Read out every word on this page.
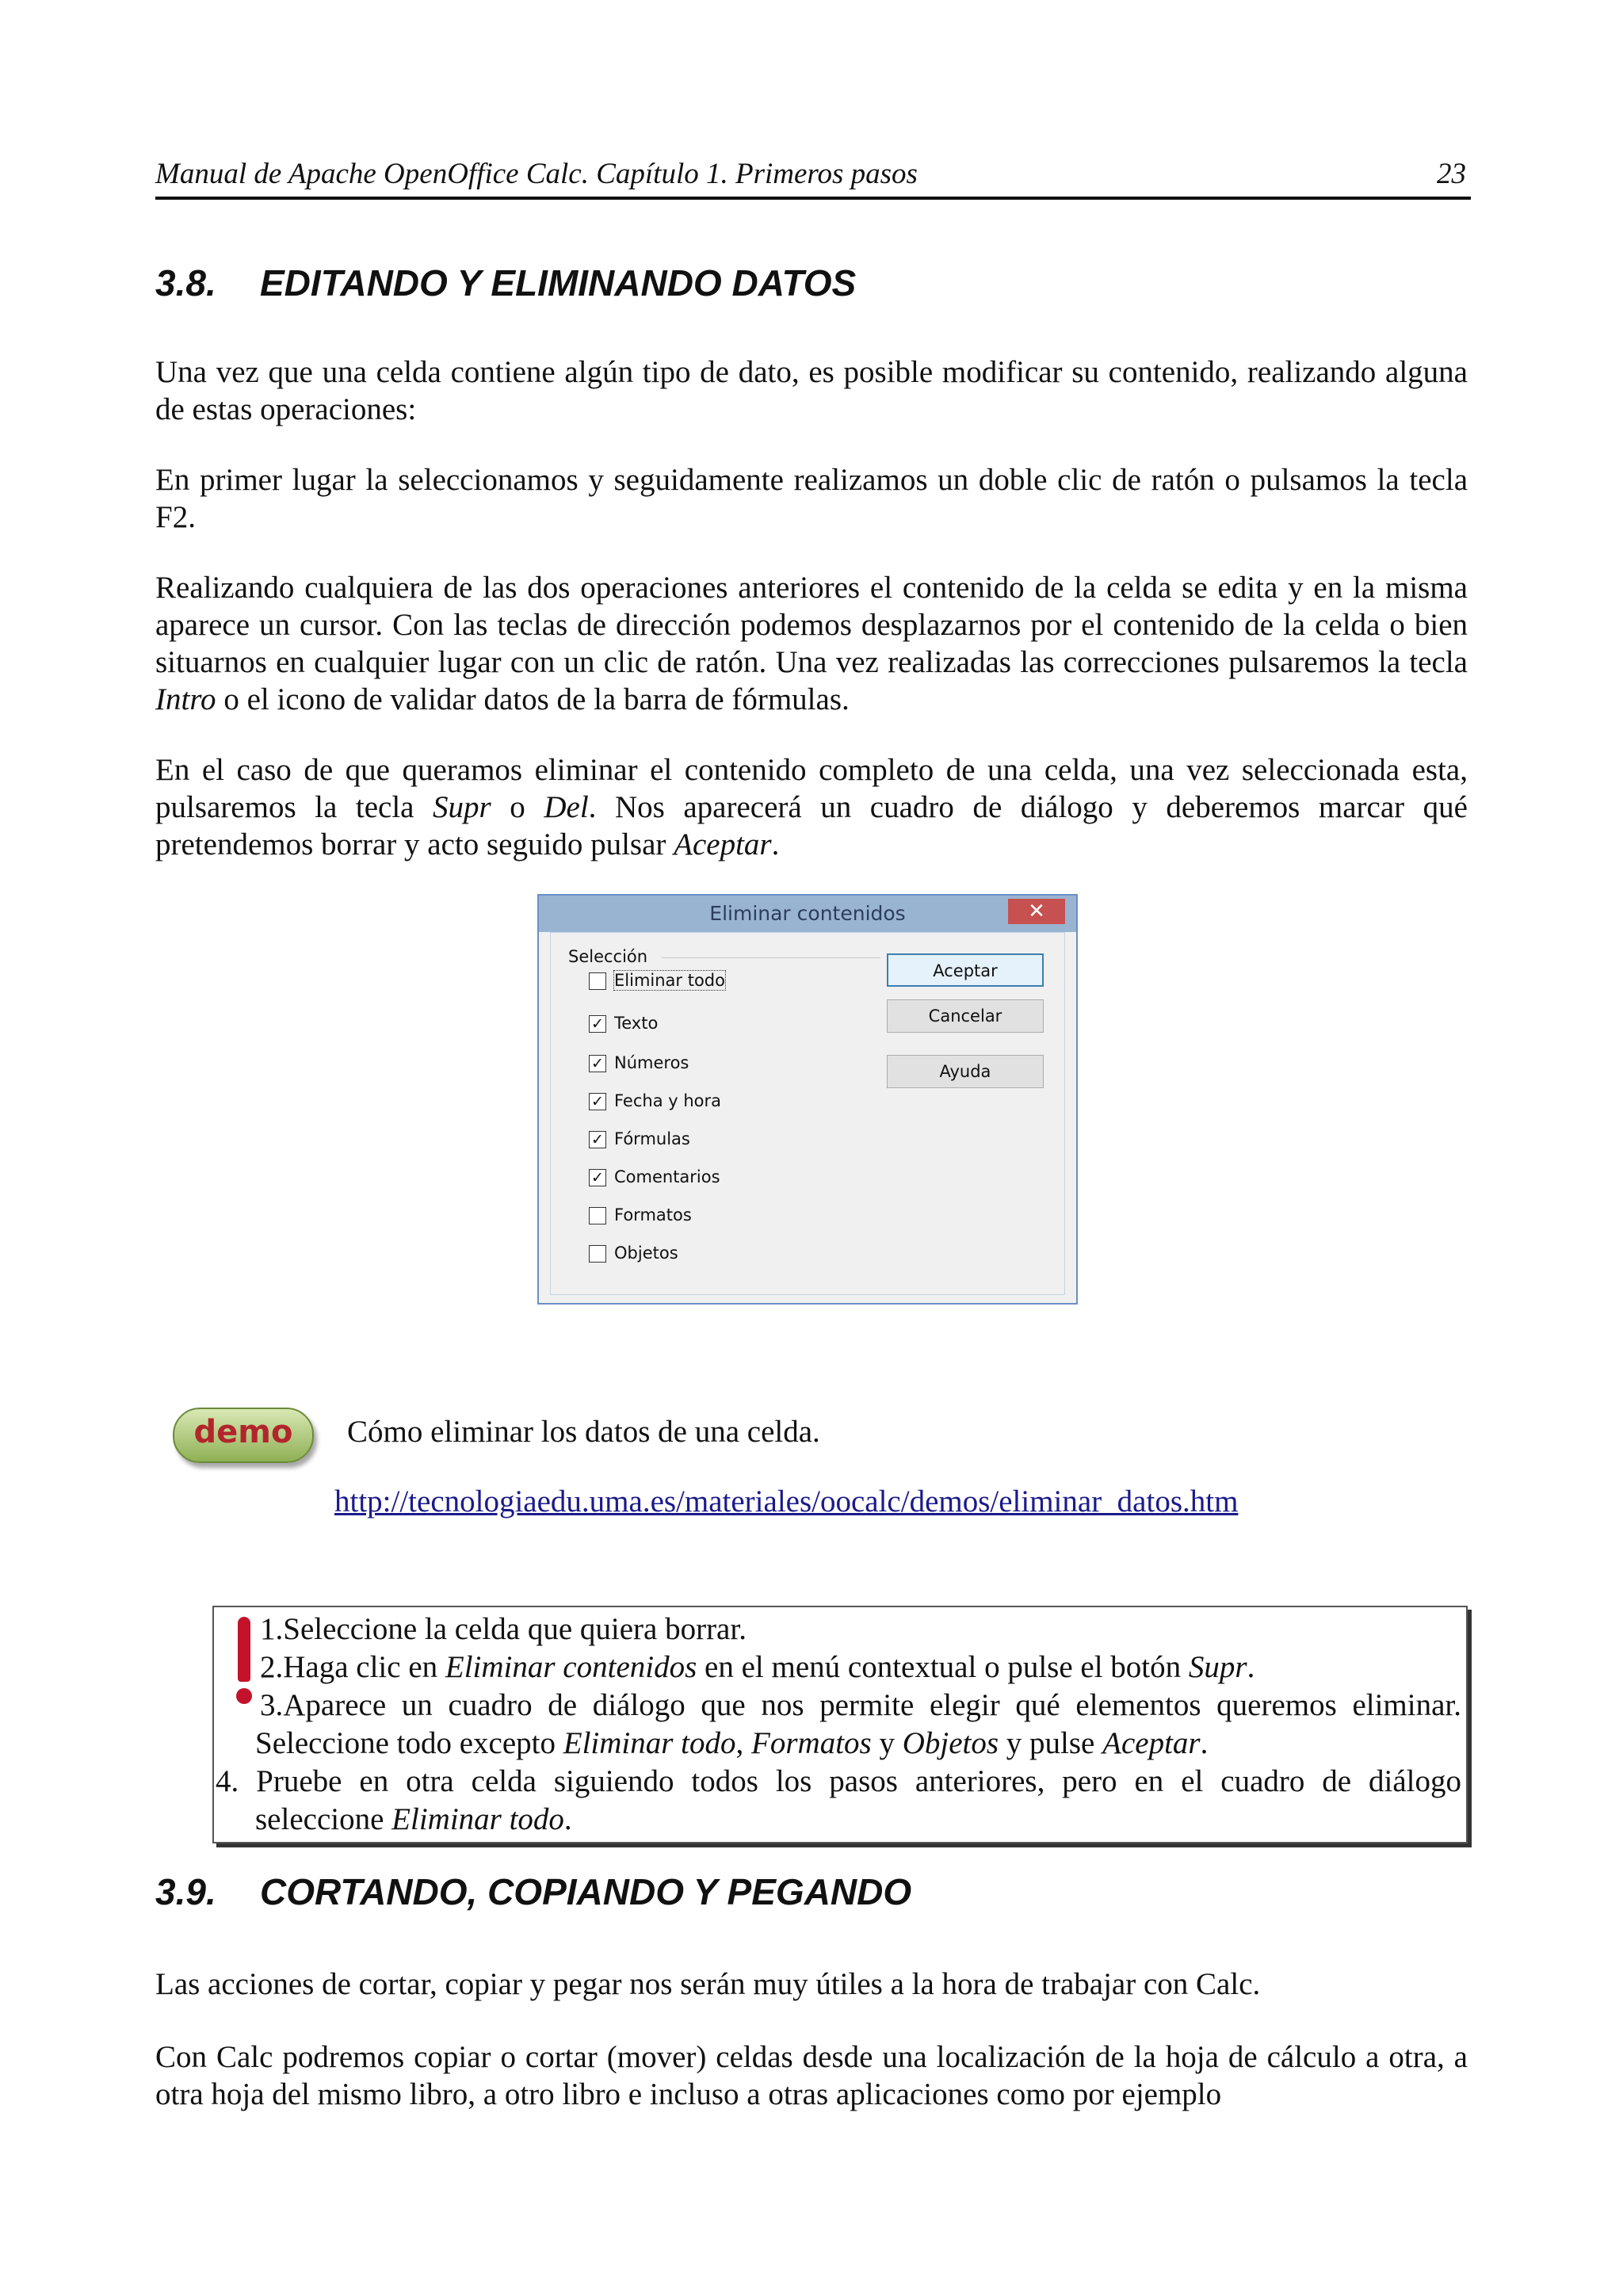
Manual de Apache OpenOffice Calc. Capítulo 1. Primeros pasos	23
3.8. EDITANDO Y ELIMINANDO DATOS

Una vez que una celda contiene algún tipo de dato, es posible modificar su contenido, realizando alguna de estas operaciones:

En primer lugar la seleccionamos y seguidamente realizamos un doble clic de ratón o pulsamos la tecla F2.

Realizando cualquiera de las dos operaciones anteriores el contenido de la celda se edita y en la misma aparece un cursor. Con las teclas de dirección podemos desplazarnos por el contenido de la celda o bien situarnos en cualquier lugar con un clic de ratón. Una vez realizadas las correcciones pulsaremos la tecla Intro o el icono de validar datos de la barra de fórmulas.

En el caso de que queramos eliminar el contenido completo de una celda, una vez seleccionada esta, pulsaremos la tecla Supr o Del. Nos aparecerá un cuadro de diálogo y deberemos marcar qué pretendemos borrar y acto seguido pulsar Aceptar.

Eliminar contenidos	✕
Selección
Eliminar todo
✓ Texto
✓ Números
✓ Fecha y hora
✓ Fórmulas
✓ Comentarios
Formatos
Objetos
Aceptar
Cancelar
Ayuda
demo	Cómo eliminar los datos de una celda.
http://tecnologiaedu.uma.es/materiales/oocalc/demos/eliminar_datos.htm
1.Seleccione la celda que quiera borrar.
2.Haga clic en Eliminar contenidos en el menú contextual o pulse el botón Supr.
3.Aparece un cuadro de diálogo que nos permite elegir qué elementos queremos eliminar.
Seleccione todo excepto Eliminar todo, Formatos y Objetos y pulse Aceptar.
4. Pruebe en otra celda siguiendo todos los pasos anteriores, pero en el cuadro de diálogo
seleccione Eliminar todo.
3.9. CORTANDO, COPIANDO Y PEGANDO

Las acciones de cortar, copiar y pegar nos serán muy útiles a la hora de trabajar con Calc.

Con Calc podremos copiar o cortar (mover) celdas desde una localización de la hoja de cálculo a otra, a otra hoja del mismo libro, a otro libro e incluso a otras aplicaciones como por ejemplo
